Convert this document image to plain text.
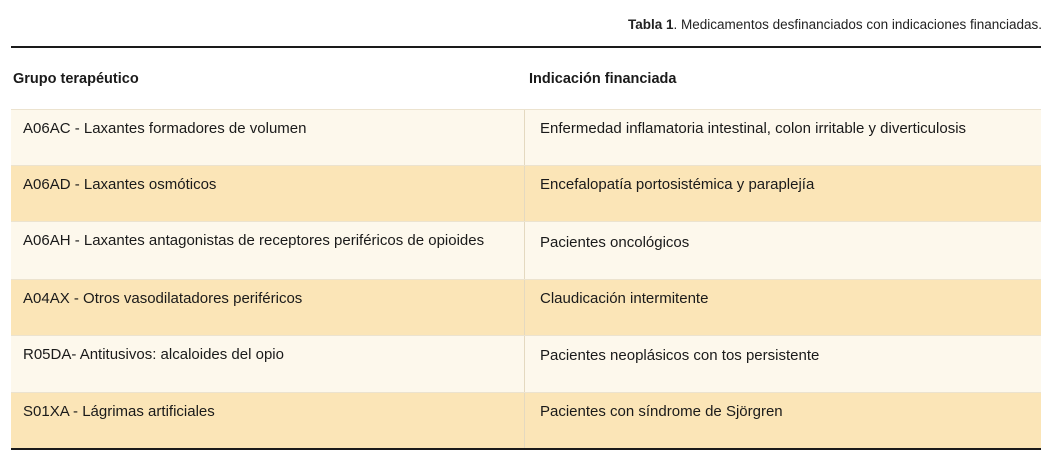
Tabla 1. Medicamentos desfinanciados con indicaciones financiadas.
Grupo terapéutico	Indicación financiada
A06AC - Laxantes formadores de volumen	Enfermedad inflamatoria intestinal, colon irritable y diverticulosis
A06AD - Laxantes osmóticos	Encefalopatía portosistémica y paraplejía
A06AH - Laxantes antagonistas de receptores periféricos de opioides	Pacientes oncológicos
A04AX - Otros vasodilatadores periféricos	Claudicación intermitente
R05DA- Antitusivos: alcaloides del opio	Pacientes neoplásicos con tos persistente
S01XA - Lágrimas artificiales	Pacientes con síndrome de Sjörgren
